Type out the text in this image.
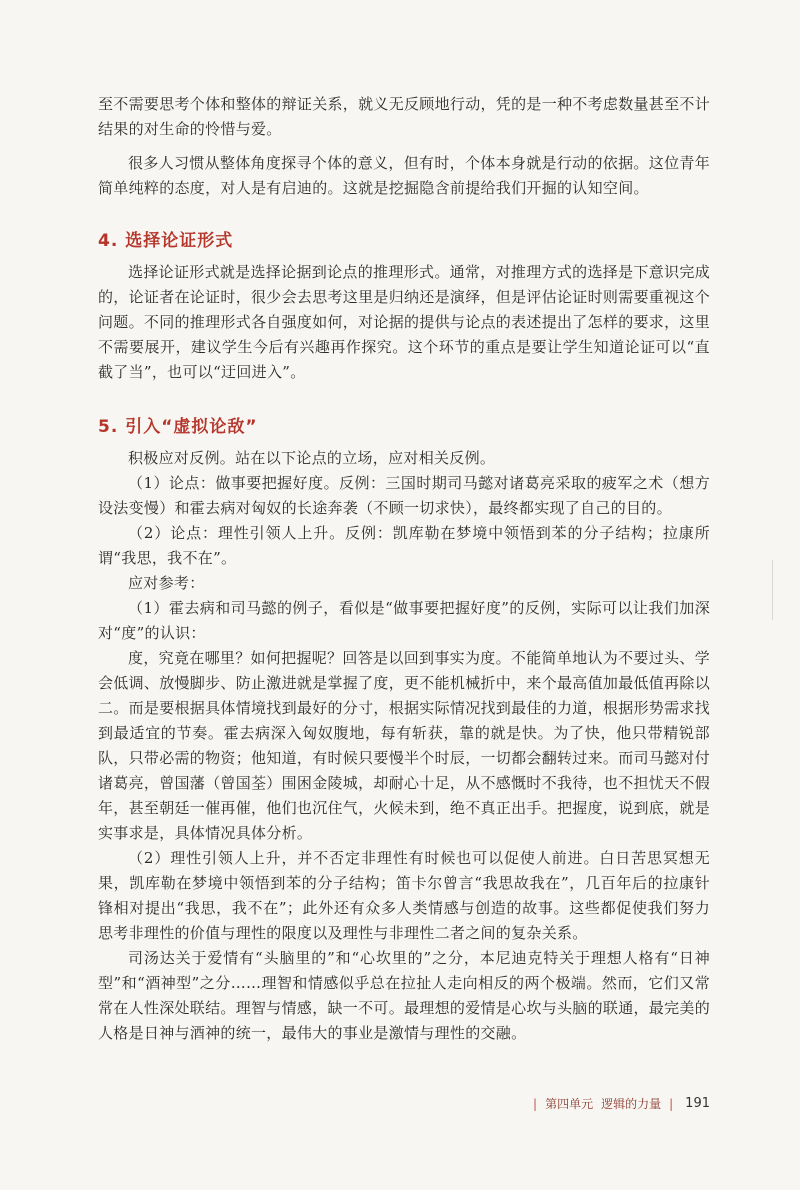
至不需要思考个体和整体的辩证关系，就义无反顾地行动，凭的是一种不考虑数量甚至不计结果的对生命的怜惜与爱。

很多人习惯从整体角度探寻个体的意义，但有时，个体本身就是行动的依据。这位青年简单纯粹的态度，对人是有启迪的。这就是挖掘隐含前提给我们开掘的认知空间。

4. 选择论证形式

选择论证形式就是选择论据到论点的推理形式。通常，对推理方式的选择是下意识完成的，论证者在论证时，很少会去思考这里是归纳还是演绎，但是评估论证时则需要重视这个问题。不同的推理形式各自强度如何，对论据的提供与论点的表述提出了怎样的要求，这里不需要展开，建议学生今后有兴趣再作探究。这个环节的重点是要让学生知道论证可以“直截了当”，也可以“迂回进入”。

5. 引入“虚拟论敌”

积极应对反例。站在以下论点的立场，应对相关反例。

（1）论点：做事要把握好度。反例：三国时期司马懿对诸葛亮采取的疲军之术（想方设法变慢）和霍去病对匈奴的长途奔袭（不顾一切求快），最终都实现了自己的目的。

（2）论点：理性引领人上升。反例：凯库勒在梦境中领悟到苯的分子结构；拉康所谓“我思，我不在”。

应对参考：

（1）霍去病和司马懿的例子，看似是“做事要把握好度”的反例，实际可以让我们加深对“度”的认识：

度，究竟在哪里？如何把握呢？回答是以回到事实为度。不能简单地认为不要过头、学会低调、放慢脚步、防止激进就是掌握了度，更不能机械折中，来个最高值加最低值再除以二。而是要根据具体情境找到最好的分寸，根据实际情况找到最佳的力道，根据形势需求找到最适宜的节奏。霍去病深入匈奴腹地，每有斩获，靠的就是快。为了快，他只带精锐部队，只带必需的物资；他知道，有时候只要慢半个时辰，一切都会翻转过来。而司马懿对付诸葛亮，曾国藩（曾国荃）围困金陵城，却耐心十足，从不感慨时不我待，也不担忧天不假年，甚至朝廷一催再催，他们也沉住气，火候未到，绝不真正出手。把握度，说到底，就是实事求是，具体情况具体分析。

（2）理性引领人上升，并不否定非理性有时候也可以促使人前进。白日苦思冥想无果，凯库勒在梦境中领悟到苯的分子结构；笛卡尔曾言“我思故我在”，几百年后的拉康针锋相对提出“我思，我不在”；此外还有众多人类情感与创造的故事。这些都促使我们努力思考非理性的价值与理性的限度以及理性与非理性二者之间的复杂关系。

司汤达关于爱情有“头脑里的”和“心坎里的”之分，本尼迪克特关于理想人格有“日神型”和“酒神型”之分……理智和情感似乎总在拉扯人走向相反的两个极端。然而，它们又常常在人性深处联结。理智与情感，缺一不可。最理想的爱情是心坎与头脑的联通，最完美的人格是日神与酒神的统一，最伟大的事业是激情与理性的交融。

| 第四单元 逻辑的力量 | 191
